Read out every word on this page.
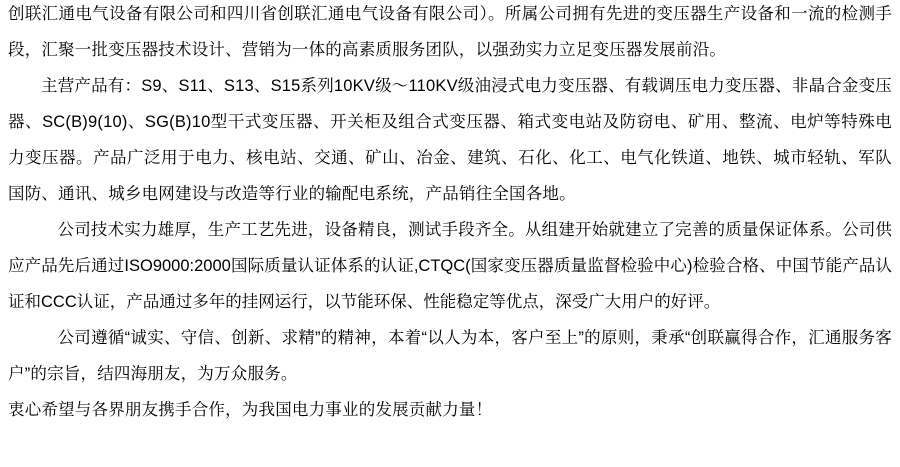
创联汇通电气设备有限公司和四川省创联汇通电气设备有限公司）。所属公司拥有先进的变压器生产设备和一流的检测手段，汇聚一批变压器技术设计、营销为一体的高素质服务团队，以强劲实力立足变压器发展前沿。

主营产品有：S9、S11、S13、S15系列10KV级～110KV级油浸式电力变压器、有载调压电力变压器、非晶合金变压器、SC(B)9(10)、SG(B)10型干式变压器、开关柜及组合式变压器、箱式变电站及防窃电、矿用、整流、电炉等特殊电力变压器。产品广泛用于电力、核电站、交通、矿山、冶金、建筑、石化、化工、电气化铁道、地铁、城市轻轨、军队国防、通讯、城乡电网建设与改造等行业的输配电系统，产品销往全国各地。

公司技术实力雄厚，生产工艺先进，设备精良，测试手段齐全。从组建开始就建立了完善的质量保证体系。公司供应产品先后通过ISO9000:2000国际质量认证体系的认证,CTQC(国家变压器质量监督检验中心)检验合格、中国节能产品认证和CCC认证，产品通过多年的挂网运行，以节能环保、性能稳定等优点，深受广大用户的好评。

公司遵循“诚实、守信、创新、求精”的精神，本着“以人为本，客户至上”的原则，秉承“创联赢得合作，汇通服务客户”的宗旨，结四海朋友，为万众服务。

衷心希望与各界朋友携手合作，为我国电力事业的发展贡献力量！
